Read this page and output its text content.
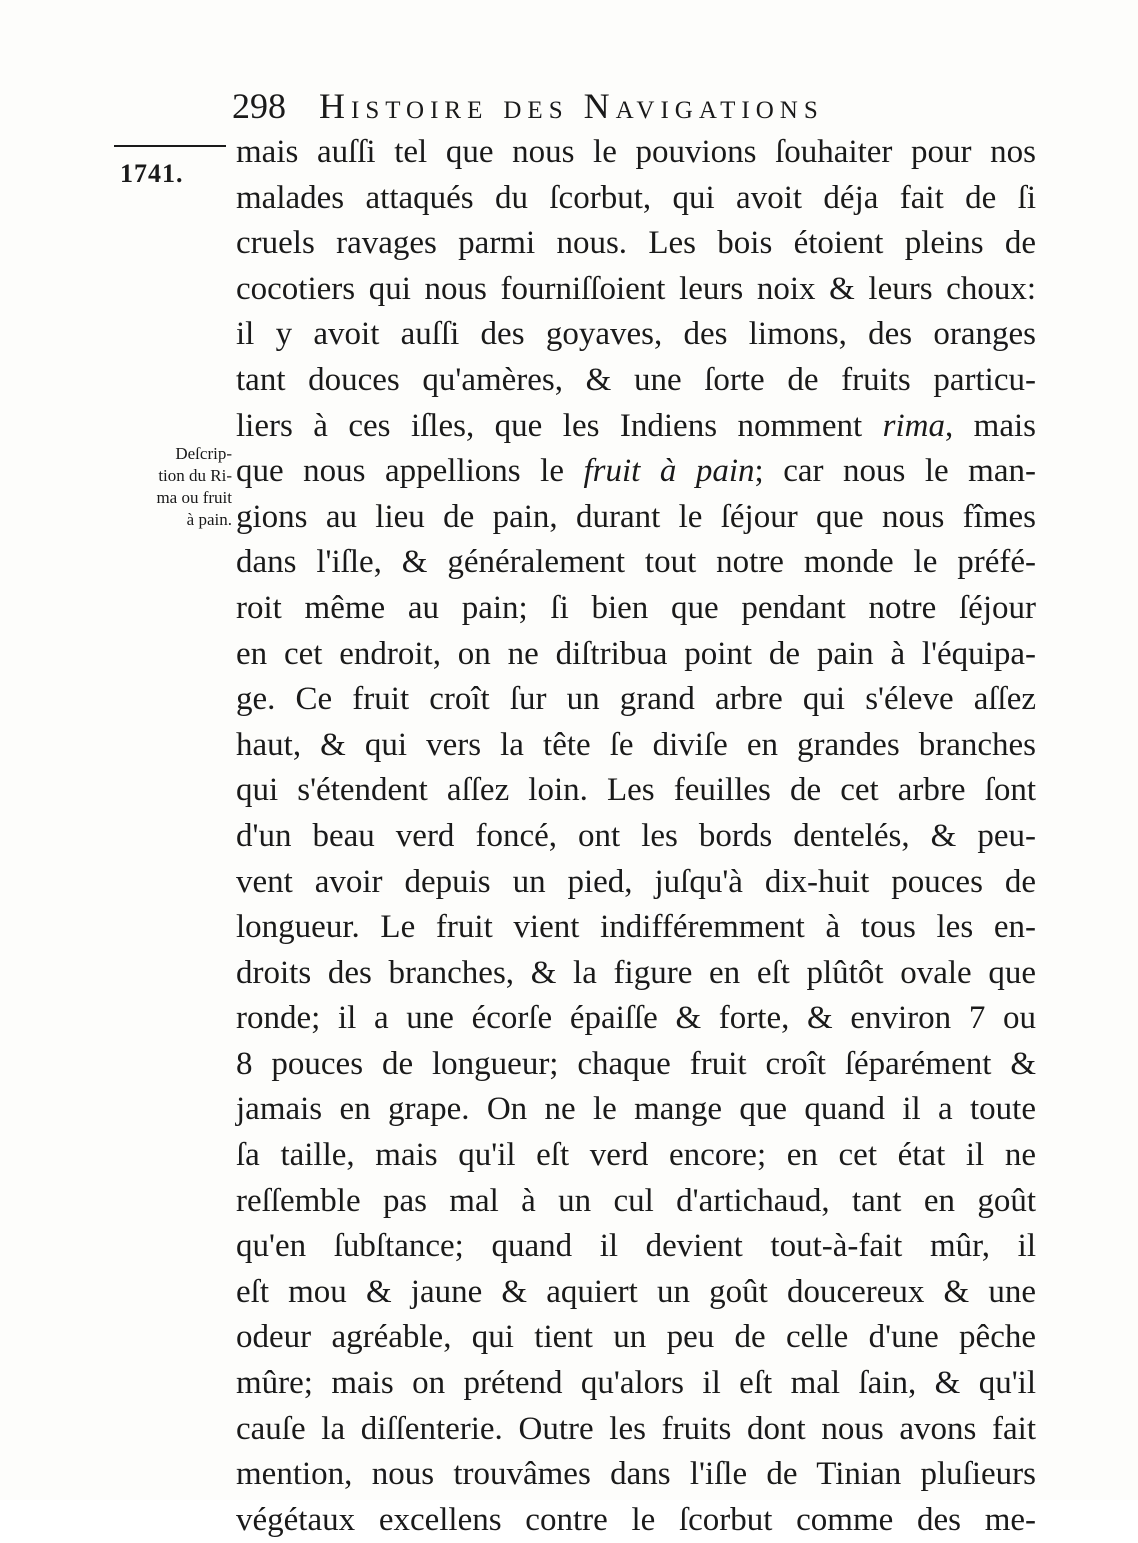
298 Histoire des Navigations
1741.
Deſcrip-
tion du Ri-
ma ou fruit
à pain.
mais auſſi tel que nous le pouvions ſouhaiter pour nos
malades attaqués du ſcorbut, qui avoit déja fait de ſi
cruels ravages parmi nous. Les bois étoient pleins de
cocotiers qui nous fourniſſoient leurs noix & leurs choux:
il y avoit auſſi des goyaves, des limons, des oranges
tant douces qu'amères, & une ſorte de fruits particu-
liers à ces iſles, que les Indiens nomment rima, mais
que nous appellions le fruit à pain; car nous le man-
gions au lieu de pain, durant le ſéjour que nous fîmes
dans l'iſle, & généralement tout notre monde le préfé-
roit même au pain; ſi bien que pendant notre ſéjour
en cet endroit, on ne diſtribua point de pain à l'équipa-
ge. Ce fruit croît ſur un grand arbre qui s'éleve aſſez
haut, & qui vers la tête ſe diviſe en grandes branches
qui s'étendent aſſez loin. Les feuilles de cet arbre ſont
d'un beau verd foncé, ont les bords dentelés, & peu-
vent avoir depuis un pied, juſqu'à dix-huit pouces de
longueur. Le fruit vient indifféremment à tous les en-
droits des branches, & la figure en eſt plûtôt ovale que
ronde; il a une écorſe épaiſſe & forte, & environ 7 ou
8 pouces de longueur; chaque fruit croît ſéparément &
jamais en grape. On ne le mange que quand il a toute
ſa taille, mais qu'il eſt verd encore; en cet état il ne
reſſemble pas mal à un cul d'artichaud, tant en goût
qu'en ſubſtance; quand il devient tout-à-fait mûr, il
eſt mou & jaune & aquiert un goût doucereux & une
odeur agréable, qui tient un peu de celle d'une pêche
mûre; mais on prétend qu'alors il eſt mal ſain, & qu'il
cauſe la diſſenterie. Outre les fruits dont nous avons fait
mention, nous trouvâmes dans l'iſle de Tinian pluſieurs
végétaux excellens contre le ſcorbut comme des me-
